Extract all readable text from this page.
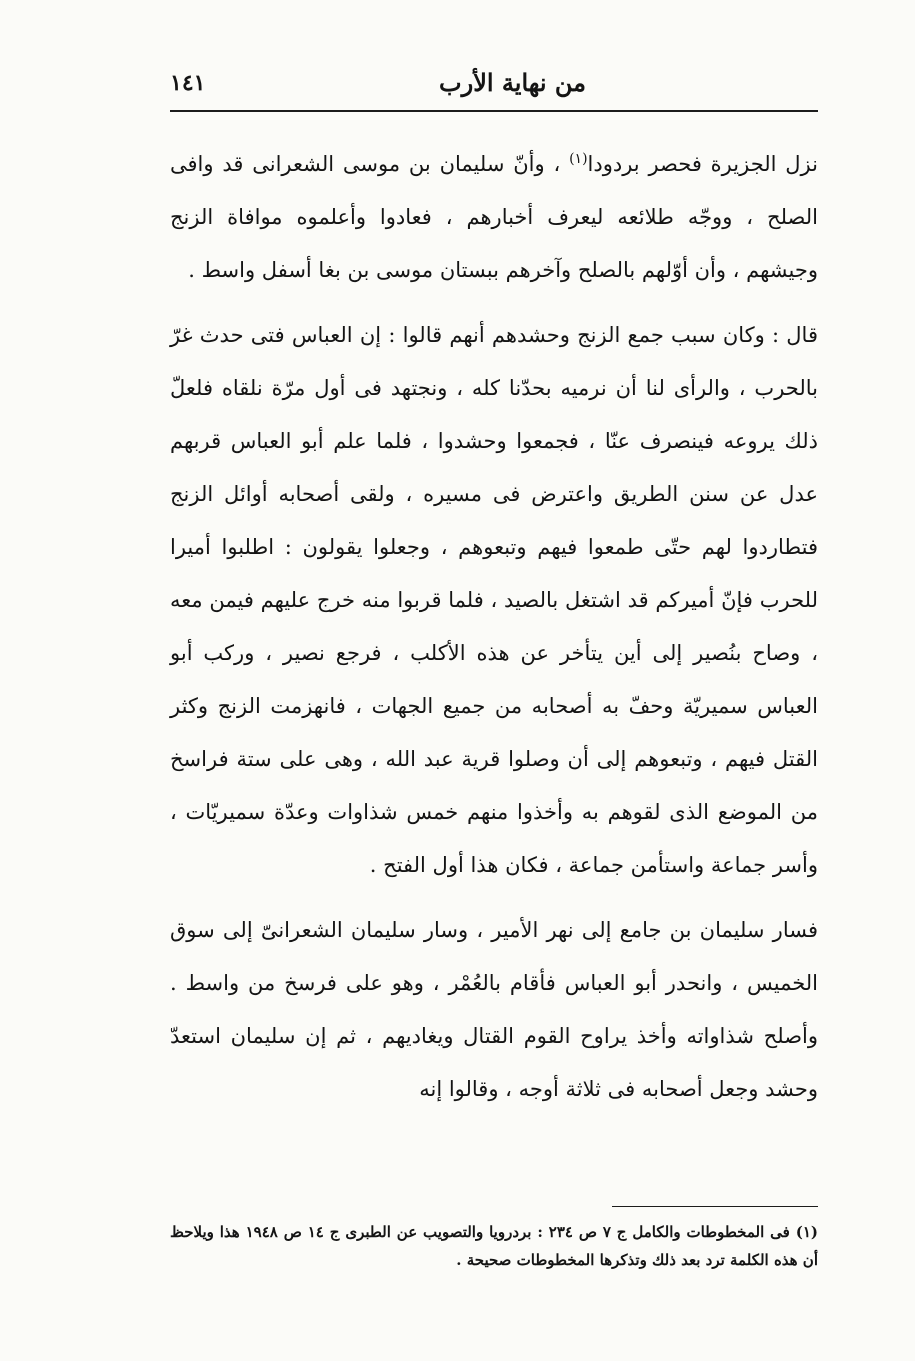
من نهاية الأرب
١٤١

نزل الجزيرة فحصر بردودا$^{(١)}$ ، وأنّ سليمان بن موسى الشعرانى قد وافى الصلح ، ووجّه طلائعه ليعرف أخبارهم ، فعادوا وأعلموه موافاة الزنج وجيشهم ، وأن أوّلهم بالصلح وآخرهم ببستان موسى بن بغا أسفل واسط .

قال : وكان سبب جمع الزنج وحشدهم أنهم قالوا : إن العباس فتى حدث غرّ بالحرب ، والرأى لنا أن نرميه بحدّنا كله ، ونجتهد فى أول مرّة نلقاه فلعلّ ذلك يروعه فينصرف عنّا ، فجمعوا وحشدوا ، فلما علم أبو العباس قربهم عدل عن سنن الطريق واعترض فى مسيره ، ولقى أصحابه أوائل الزنج فتطاردوا لهم حتّى طمعوا فيهم وتبعوهم ، وجعلوا يقولون : اطلبوا أميرا للحرب فإنّ أميركم قد اشتغل بالصيد ، فلما قربوا منه خرج عليهم فيمن معه ، وصاح بنُصير إلى أين يتأخر عن هذه الأكلب ، فرجع نصير ، وركب أبو العباس سميريّة وحفّ به أصحابه من جميع الجهات ، فانهزمت الزنج وكثر القتل فيهم ، وتبعوهم إلى أن وصلوا قرية عبد الله ، وهى على ستة فراسخ من الموضع الذى لقوهم به وأخذوا منهم خمس شذاوات وعدّة سميريّات ، وأسر جماعة واستأمن جماعة ، فكان هذا أول الفتح .

فسار سليمان بن جامع إلى نهر الأمير ، وسار سليمان الشعرانىّ إلى سوق الخميس ، وانحدر أبو العباس فأقام بالعُمْر ، وهو على فرسخ من واسط . وأصلح شذاواته وأخذ يراوح القوم القتال ويغاديهم ، ثم إن سليمان استعدّ وحشد وجعل أصحابه فى ثلاثة أوجه ، وقالوا إنه

(١) فى المخطوطات والكامل ج ٧ ص ٢٣٤ : بردرويا والتصويب عن الطبرى ج ١٤ ص ١٩٤٨ هذا ويلاحظ أن هذه الكلمة ترد بعد ذلك وتذكرها المخطوطات صحيحة .
